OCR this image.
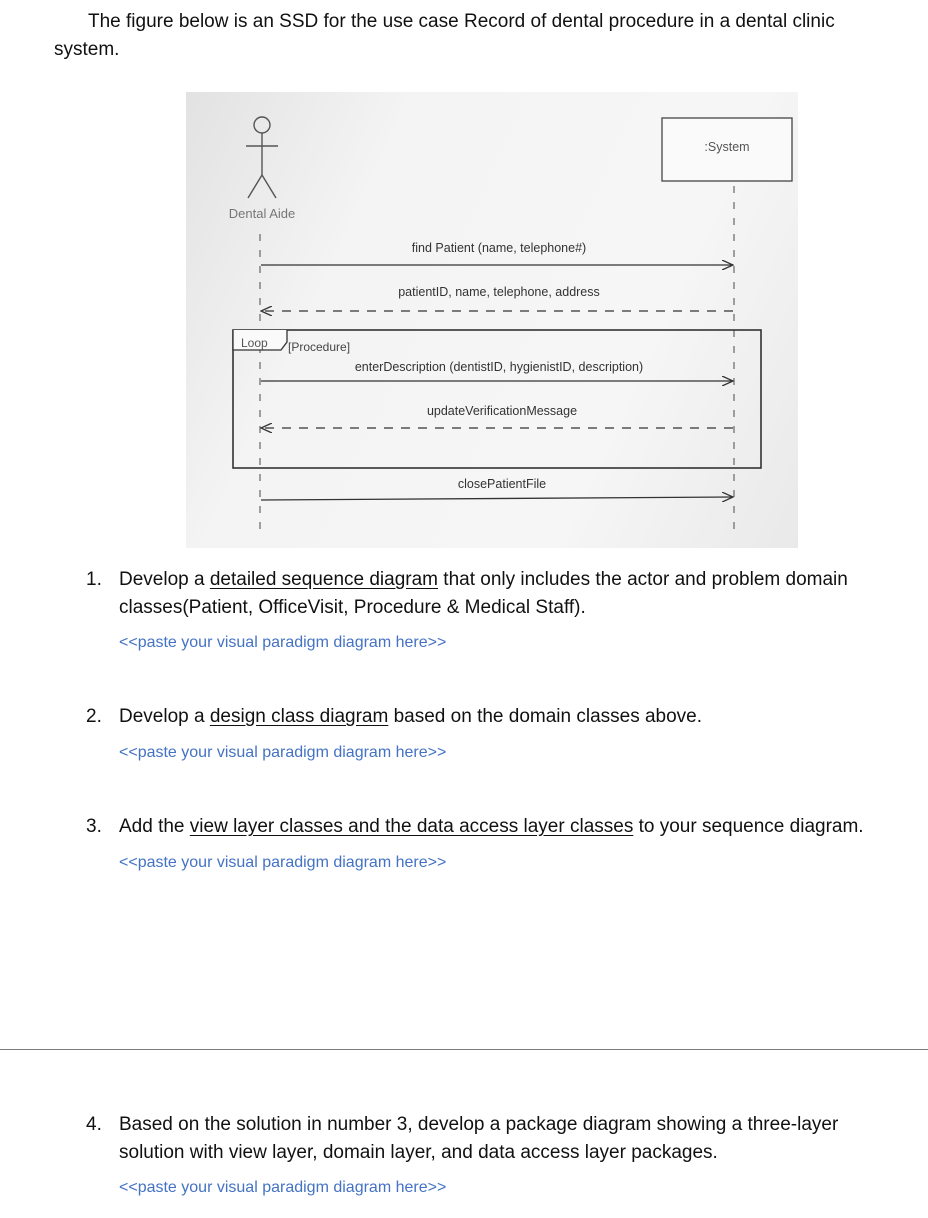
The figure below is an SSD for the use case Record of dental procedure in a dental clinic system.
Dental Aide
:System
find Patient (name, telephone#)
patientID, name, telephone, address
Loop [Procedure]
enterDescription (dentistID, hygienistID, description)
updateVerificationMessage
closePatientFile
1. Develop a detailed sequence diagram that only includes the actor and problem domain classes(Patient, OfficeVisit, Procedure & Medical Staff).
<<paste your visual paradigm diagram here>>
2. Develop a design class diagram based on the domain classes above.
<<paste your visual paradigm diagram here>>
3. Add the view layer classes and the data access layer classes to your sequence diagram.
<<paste your visual paradigm diagram here>>
4. Based on the solution in number 3, develop a package diagram showing a three-layer solution with view layer, domain layer, and data access layer packages.
<<paste your visual paradigm diagram here>>
